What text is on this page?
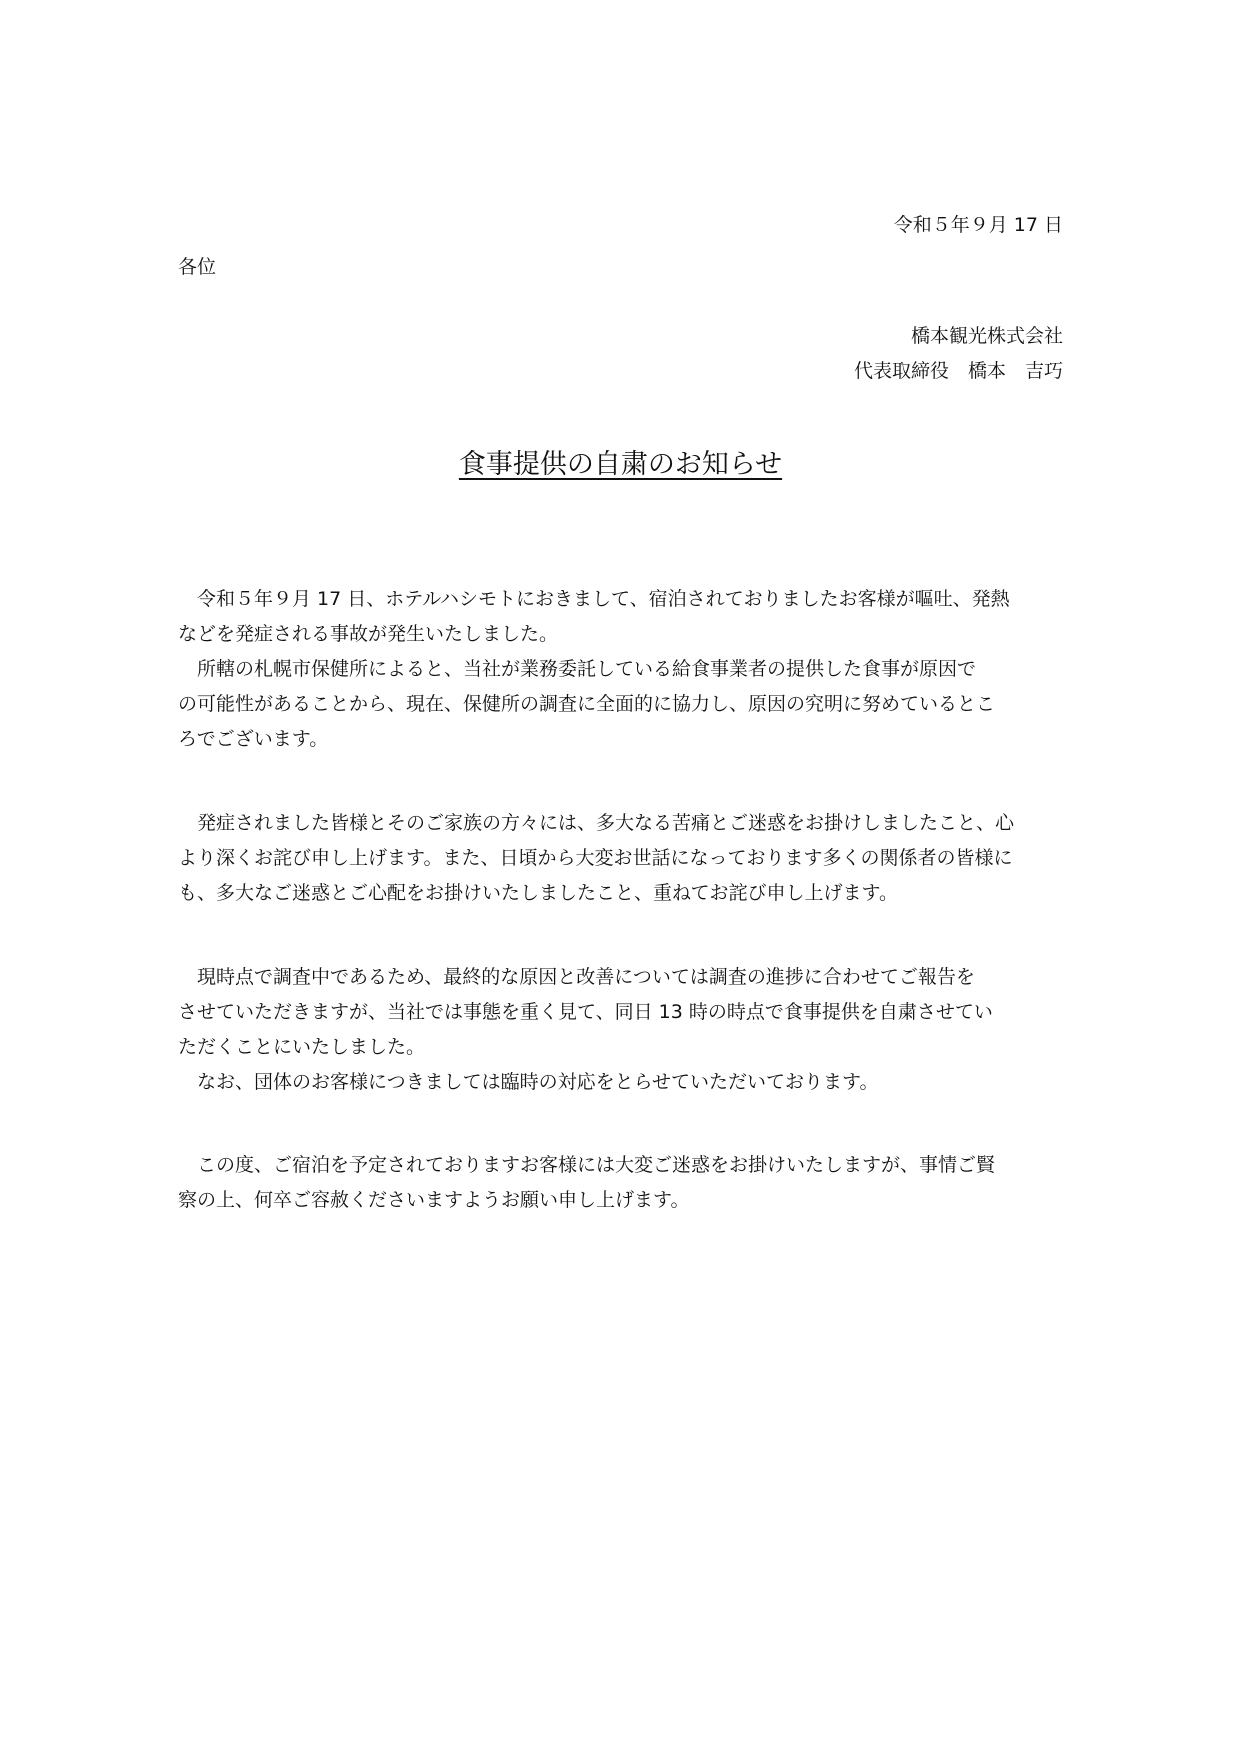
令和５年９月 17 日

各位

橋本観光株式会社

代表取締役　橋本　吉巧

食事提供の自粛のお知らせ

　令和５年９月 17 日、ホテルハシモトにおきまして、宿泊されておりましたお客様が嘔吐、発熱

などを発症される事故が発生いたしました。

　所轄の札幌市保健所によると、当社が業務委託している給食事業者の提供した食事が原因で

の可能性があることから、現在、保健所の調査に全面的に協力し、原因の究明に努めているとこ

ろでございます。

　発症されました皆様とそのご家族の方々には、多大なる苦痛とご迷惑をお掛けしましたこと、心

より深くお詫び申し上げます。また、日頃から大変お世話になっております多くの関係者の皆様に

も、多大なご迷惑とご心配をお掛けいたしましたこと、重ねてお詫び申し上げます。

　現時点で調査中であるため、最終的な原因と改善については調査の進捗に合わせてご報告を

させていただきますが、当社では事態を重く見て、同日 13 時の時点で食事提供を自粛させてい

ただくことにいたしました。

　なお、団体のお客様につきましては臨時の対応をとらせていただいております。

　この度、ご宿泊を予定されておりますお客様には大変ご迷惑をお掛けいたしますが、事情ご賢

察の上、何卒ご容赦くださいますようお願い申し上げます。
